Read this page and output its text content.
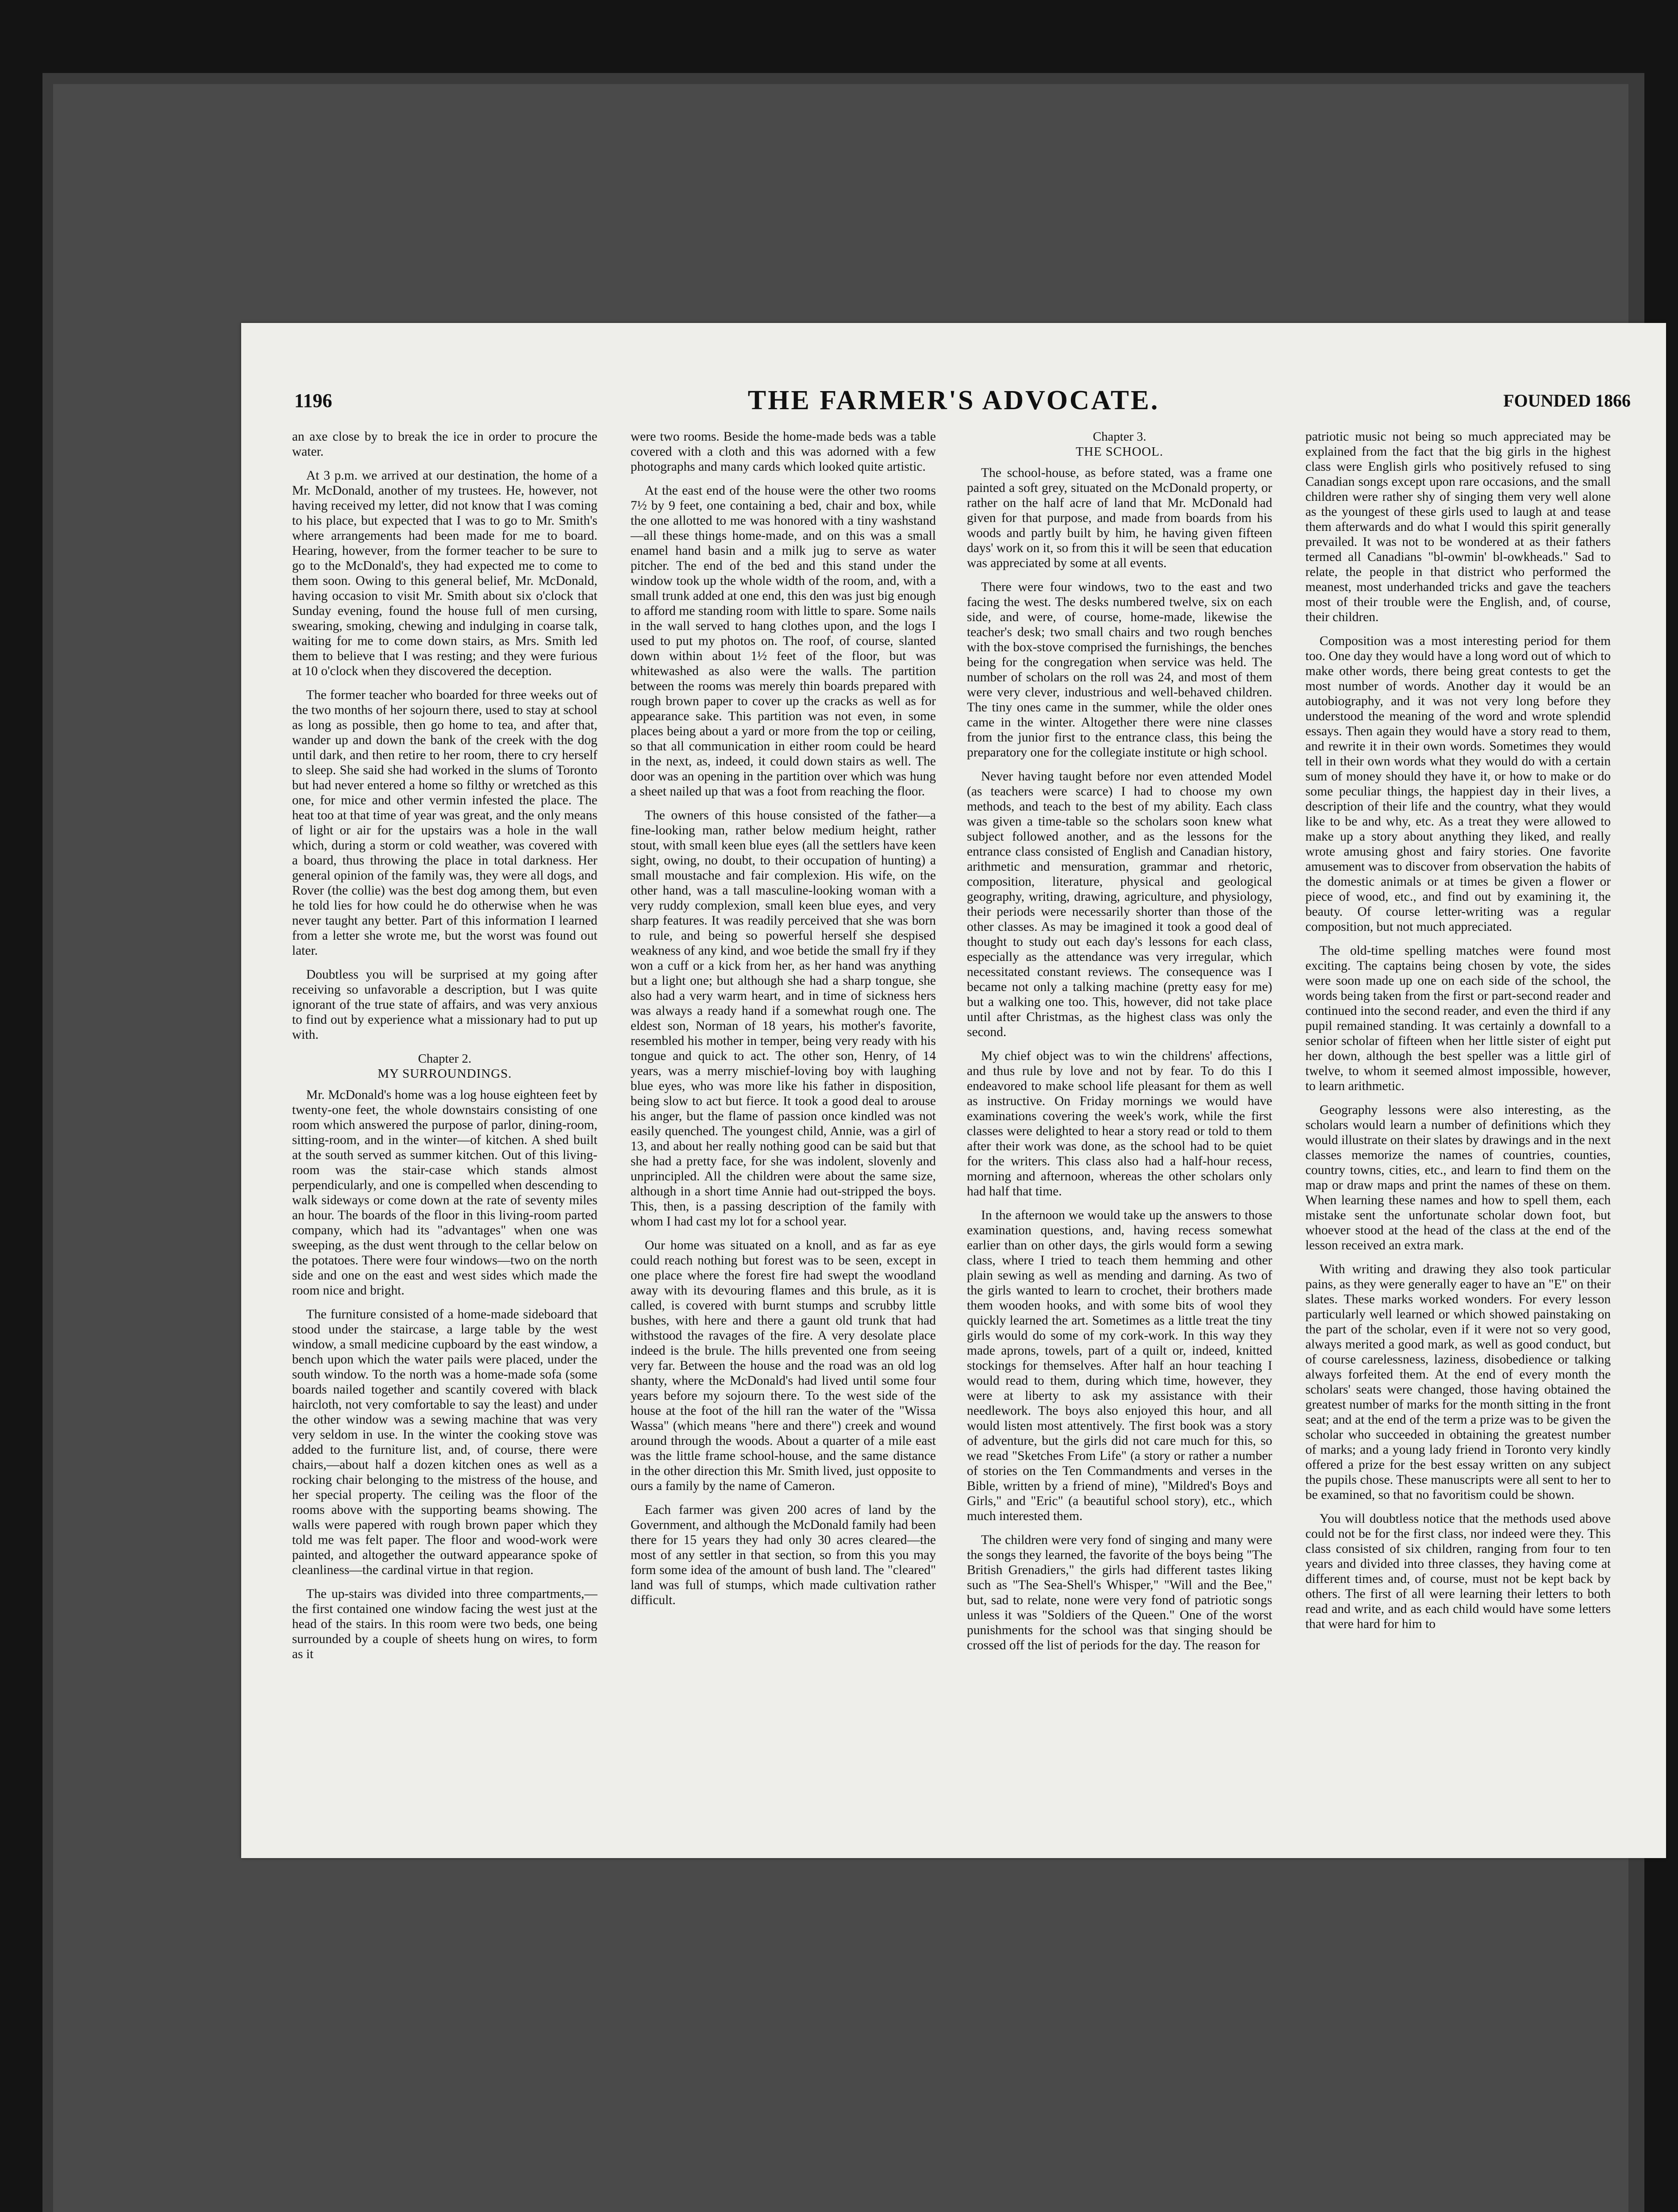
1196	THE FARMER'S ADVOCATE.	FOUNDED 1866

an axe close by to break the ice in order to procure the water.

At 3 p.m. we arrived at our destination, the home of a Mr. McDonald, another of my trustees. He, however, not having received my letter, did not know that I was coming to his place, but expected that I was to go to Mr. Smith's where arrangements had been made for me to board. Hearing, however, from the former teacher to be sure to go to the McDonald's, they had expected me to come to them soon. Owing to this general belief, Mr. McDonald, having occasion to visit Mr. Smith about six o'clock that Sunday evening, found the house full of men cursing, swearing, smoking, chewing and indulging in coarse talk, waiting for me to come down stairs, as Mrs. Smith led them to believe that I was resting; and they were furious at 10 o'clock when they discovered the deception.

The former teacher who boarded for three weeks out of the two months of her sojourn there, used to stay at school as long as possible, then go home to tea, and after that, wander up and down the bank of the creek with the dog until dark, and then retire to her room, there to cry herself to sleep. She said she had worked in the slums of Toronto but had never entered a home so filthy or wretched as this one, for mice and other vermin infested the place. The heat too at that time of year was great, and the only means of light or air for the upstairs was a hole in the wall which, during a storm or cold weather, was covered with a board, thus throwing the place in total darkness. Her general opinion of the family was, they were all dogs, and Rover (the collie) was the best dog among them, but even he told lies for how could he do otherwise when he was never taught any better. Part of this information I learned from a letter she wrote me, but the worst was found out later.

Doubtless you will be surprised at my going after receiving so unfavorable a description, but I was quite ignorant of the true state of affairs, and was very anxious to find out by experience what a missionary had to put up with.

Chapter 2.
MY SURROUNDINGS.

Mr. McDonald's home was a log house eighteen feet by twenty-one feet, the whole downstairs consisting of one room which answered the purpose of parlor, dining-room, sitting-room, and in the winter—of kitchen. A shed built at the south served as summer kitchen. Out of this living-room was the stair-case which stands almost perpendicularly, and one is compelled when descending to walk sideways or come down at the rate of seventy miles an hour. The boards of the floor in this living-room parted company, which had its "advantages" when one was sweeping, as the dust went through to the cellar below on the potatoes. There were four windows—two on the north side and one on the east and west sides which made the room nice and bright.

The furniture consisted of a home-made sideboard that stood under the staircase, a large table by the west window, a small medicine cupboard by the east window, a bench upon which the water pails were placed, under the south window. To the north was a home-made sofa (some boards nailed together and scantily covered with black haircloth, not very comfortable to say the least) and under the other window was a sewing machine that was very very seldom in use. In the winter the cooking stove was added to the furniture list, and, of course, there were chairs,—about half a dozen kitchen ones as well as a rocking chair belonging to the mistress of the house, and her special property. The ceiling was the floor of the rooms above with the supporting beams showing. The walls were papered with rough brown paper which they told me was felt paper. The floor and wood-work were painted, and altogether the outward appearance spoke of cleanliness—the cardinal virtue in that region.

The up-stairs was divided into three compartments,—the first contained one window facing the west just at the head of the stairs. In this room were two beds, one being surrounded by a couple of sheets hung on wires, to form as it

were two rooms. Beside the home-made beds was a table covered with a cloth and this was adorned with a few photographs and many cards which looked quite artistic.

At the east end of the house were the other two rooms 7½ by 9 feet, one containing a bed, chair and box, while the one allotted to me was honored with a tiny washstand—all these things home-made, and on this was a small enamel hand basin and a milk jug to serve as water pitcher. The end of the bed and this stand under the window took up the whole width of the room, and, with a small trunk added at one end, this den was just big enough to afford me standing room with little to spare. Some nails in the wall served to hang clothes upon, and the logs I used to put my photos on. The roof, of course, slanted down within about 1½ feet of the floor, but was whitewashed as also were the walls. The partition between the rooms was merely thin boards prepared with rough brown paper to cover up the cracks as well as for appearance sake. This partition was not even, in some places being about a yard or more from the top or ceiling, so that all communication in either room could be heard in the next, as, indeed, it could down stairs as well. The door was an opening in the partition over which was hung a sheet nailed up that was a foot from reaching the floor.

The owners of this house consisted of the father—a fine-looking man, rather below medium height, rather stout, with small keen blue eyes (all the settlers have keen sight, owing, no doubt, to their occupation of hunting) a small moustache and fair complexion. His wife, on the other hand, was a tall masculine-looking woman with a very ruddy complexion, small keen blue eyes, and very sharp features. It was readily perceived that she was born to rule, and being so powerful herself she despised weakness of any kind, and woe betide the small fry if they won a cuff or a kick from her, as her hand was anything but a light one; but although she had a sharp tongue, she also had a very warm heart, and in time of sickness hers was always a ready hand if a somewhat rough one. The eldest son, Norman of 18 years, his mother's favorite, resembled his mother in temper, being very ready with his tongue and quick to act. The other son, Henry, of 14 years, was a merry mischief-loving boy with laughing blue eyes, who was more like his father in disposition, being slow to act but fierce. It took a good deal to arouse his anger, but the flame of passion once kindled was not easily quenched. The youngest child, Annie, was a girl of 13, and about her really nothing good can be said but that she had a pretty face, for she was indolent, slovenly and unprincipled. All the children were about the same size, although in a short time Annie had out-stripped the boys. This, then, is a passing description of the family with whom I had cast my lot for a school year.

Our home was situated on a knoll, and as far as eye could reach nothing but forest was to be seen, except in one place where the forest fire had swept the woodland away with its devouring flames and this brule, as it is called, is covered with burnt stumps and scrubby little bushes, with here and there a gaunt old trunk that had withstood the ravages of the fire. A very desolate place indeed is the brule. The hills prevented one from seeing very far. Between the house and the road was an old log shanty, where the McDonald's had lived until some four years before my sojourn there. To the west side of the house at the foot of the hill ran the water of the "Wissa Wassa" (which means "here and there") creek and wound around through the woods. About a quarter of a mile east was the little frame school-house, and the same distance in the other direction this Mr. Smith lived, just opposite to ours a family by the name of Cameron.

Each farmer was given 200 acres of land by the Government, and although the McDonald family had been there for 15 years they had only 30 acres cleared—the most of any settler in that section, so from this you may form some idea of the amount of bush land. The "cleared" land was full of stumps, which made cultivation rather difficult.

Chapter 3.
THE SCHOOL.

The school-house, as before stated, was a frame one painted a soft grey, situated on the McDonald property, or rather on the half acre of land that Mr. McDonald had given for that purpose, and made from boards from his woods and partly built by him, he having given fifteen days' work on it, so from this it will be seen that education was appreciated by some at all events.

There were four windows, two to the east and two facing the west. The desks numbered twelve, six on each side, and were, of course, home-made, likewise the teacher's desk; two small chairs and two rough benches with the box-stove comprised the furnishings, the benches being for the congregation when service was held. The number of scholars on the roll was 24, and most of them were very clever, industrious and well-behaved children. The tiny ones came in the summer, while the older ones came in the winter. Altogether there were nine classes from the junior first to the entrance class, this being the preparatory one for the collegiate institute or high school.

Never having taught before nor even attended Model (as teachers were scarce) I had to choose my own methods, and teach to the best of my ability. Each class was given a time-table so the scholars soon knew what subject followed another, and as the lessons for the entrance class consisted of English and Canadian history, arithmetic and mensuration, grammar and rhetoric, composition, literature, physical and geological geography, writing, drawing, agriculture, and physiology, their periods were necessarily shorter than those of the other classes. As may be imagined it took a good deal of thought to study out each day's lessons for each class, especially as the attendance was very irregular, which necessitated constant reviews. The consequence was I became not only a talking machine (pretty easy for me) but a walking one too. This, however, did not take place until after Christmas, as the highest class was only the second.

My chief object was to win the childrens' affections, and thus rule by love and not by fear. To do this I endeavored to make school life pleasant for them as well as instructive. On Friday mornings we would have examinations covering the week's work, while the first classes were delighted to hear a story read or told to them after their work was done, as the school had to be quiet for the writers. This class also had a half-hour recess, morning and afternoon, whereas the other scholars only had half that time.

In the afternoon we would take up the answers to those examination questions, and, having recess somewhat earlier than on other days, the girls would form a sewing class, where I tried to teach them hemming and other plain sewing as well as mending and darning. As two of the girls wanted to learn to crochet, their brothers made them wooden hooks, and with some bits of wool they quickly learned the art. Sometimes as a little treat the tiny girls would do some of my cork-work. In this way they made aprons, towels, part of a quilt or, indeed, knitted stockings for themselves. After half an hour teaching I would read to them, during which time, however, they were at liberty to ask my assistance with their needlework. The boys also enjoyed this hour, and all would listen most attentively. The first book was a story of adventure, but the girls did not care much for this, so we read "Sketches From Life" (a story or rather a number of stories on the Ten Commandments and verses in the Bible, written by a friend of mine), "Mildred's Boys and Girls," and "Eric" (a beautiful school story), etc., which much interested them.

The children were very fond of singing and many were the songs they learned, the favorite of the boys being "The British Grenadiers," the girls had different tastes liking such as "The Sea-Shell's Whisper," "Will and the Bee," but, sad to relate, none were very fond of patriotic songs unless it was "Soldiers of the Queen." One of the worst punishments for the school was that singing should be crossed off the list of periods for the day. The reason for

patriotic music not being so much appreciated may be explained from the fact that the big girls in the highest class were English girls who positively refused to sing Canadian songs except upon rare occasions, and the small children were rather shy of singing them very well alone as the youngest of these girls used to laugh at and tease them afterwards and do what I would this spirit generally prevailed. It was not to be wondered at as their fathers termed all Canadians "bl-owmin' bl-owkheads." Sad to relate, the people in that district who performed the meanest, most underhanded tricks and gave the teachers most of their trouble were the English, and, of course, their children.

Composition was a most interesting period for them too. One day they would have a long word out of which to make other words, there being great contests to get the most number of words. Another day it would be an autobiography, and it was not very long before they understood the meaning of the word and wrote splendid essays. Then again they would have a story read to them, and rewrite it in their own words. Sometimes they would tell in their own words what they would do with a certain sum of money should they have it, or how to make or do some peculiar things, the happiest day in their lives, a description of their life and the country, what they would like to be and why, etc. As a treat they were allowed to make up a story about anything they liked, and really wrote amusing ghost and fairy stories. One favorite amusement was to discover from observation the habits of the domestic animals or at times be given a flower or piece of wood, etc., and find out by examining it, the beauty. Of course letter-writing was a regular composition, but not much appreciated.

The old-time spelling matches were found most exciting. The captains being chosen by vote, the sides were soon made up one on each side of the school, the words being taken from the first or part-second reader and continued into the second reader, and even the third if any pupil remained standing. It was certainly a downfall to a senior scholar of fifteen when her little sister of eight put her down, although the best speller was a little girl of twelve, to whom it seemed almost impossible, however, to learn arithmetic.

Geography lessons were also interesting, as the scholars would learn a number of definitions which they would illustrate on their slates by drawings and in the next classes memorize the names of countries, counties, country towns, cities, etc., and learn to find them on the map or draw maps and print the names of these on them. When learning these names and how to spell them, each mistake sent the unfortunate scholar down foot, but whoever stood at the head of the class at the end of the lesson received an extra mark.

With writing and drawing they also took particular pains, as they were generally eager to have an "E" on their slates. These marks worked wonders. For every lesson particularly well learned or which showed painstaking on the part of the scholar, even if it were not so very good, always merited a good mark, as well as good conduct, but of course carelessness, laziness, disobedience or talking always forfeited them. At the end of every month the scholars' seats were changed, those having obtained the greatest number of marks for the month sitting in the front seat; and at the end of the term a prize was to be given the scholar who succeeded in obtaining the greatest number of marks; and a young lady friend in Toronto very kindly offered a prize for the best essay written on any subject the pupils chose. These manuscripts were all sent to her to be examined, so that no favoritism could be shown.

You will doubtless notice that the methods used above could not be for the first class, nor indeed were they. This class consisted of six children, ranging from four to ten years and divided into three classes, they having come at different times and, of course, must not be kept back by others. The first of all were learning their letters to both read and write, and as each child would have some letters that were hard for him to
